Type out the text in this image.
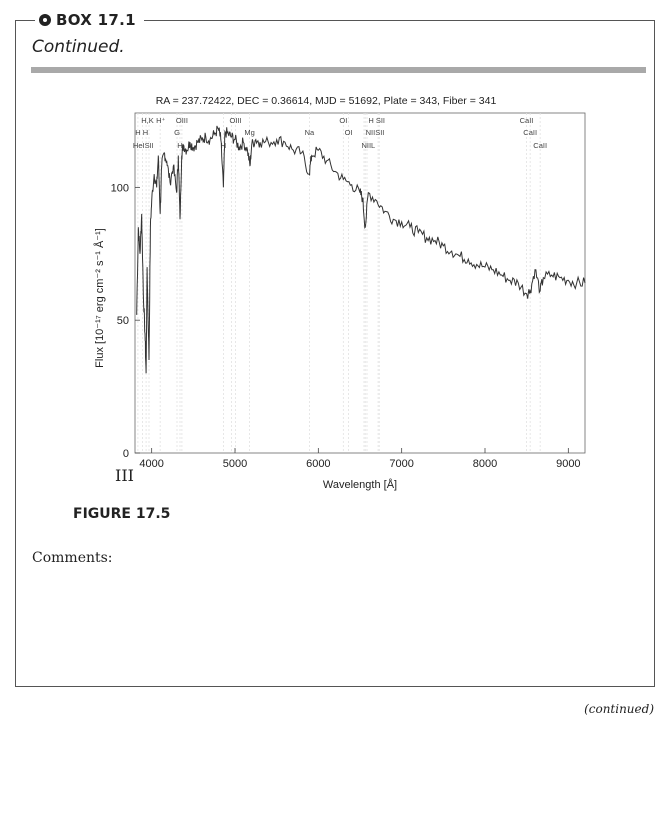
BOX 17.1
Continued.
RA = 237.72422, DEC = 0.36614, MJD = 51692, Plate = 343, Fiber = 341
H,K H⁺ OIII	OIII	OI	H SII	CaII
H H	G	Mg	Na	OI NIISII	CaII
HeISII	H	H	NIIL	CaII
4000	5000	6000	7000	8000	9000
0
50
100
Wavelength [Å]
Flux [10⁻¹⁷ erg cm⁻² s⁻¹ Å⁻¹]
III
FIGURE 17.5
Comments:
(continued)
